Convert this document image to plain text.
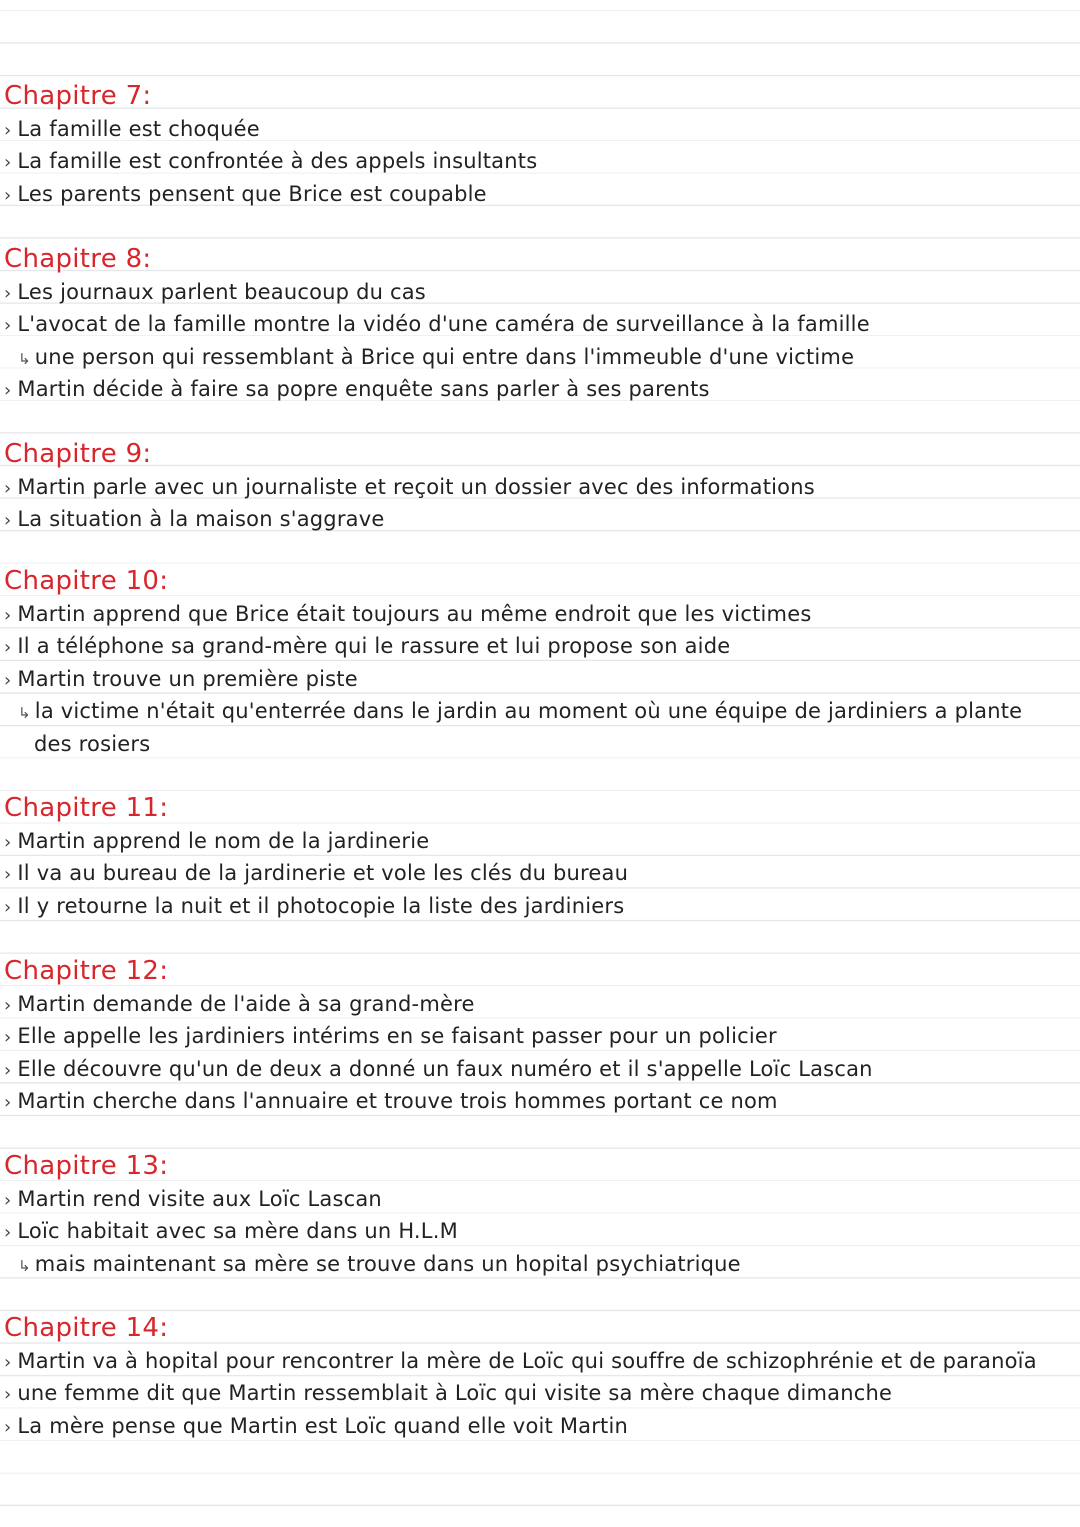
Chapitre 7:
› La famille est choquée
› La famille est confrontée à des appels insultants
› Les parents pensent que Brice est coupable
Chapitre 8:
› Les journaux parlent beaucoup du cas
› L'avocat de la famille montre la vidéo d'une caméra de surveillance à la famille
↳ une person qui ressemblant à Brice qui entre dans l'immeuble d'une victime
› Martin décide à faire sa popre enquête sans parler à ses parents
Chapitre 9:
› Martin parle avec un journaliste et reçoit un dossier avec des informations
› La situation à la maison s'aggrave
Chapitre 10:
› Martin apprend que Brice était toujours au même endroit que les victimes
› Il a téléphone sa grand-mère qui le rassure et lui propose son aide
› Martin trouve un première piste
↳ la victime n'était qu'enterrée dans le jardin au moment où une équipe de jardiniers a plante
des rosiers
Chapitre 11:
› Martin apprend le nom de la jardinerie
› Il va au bureau de la jardinerie et vole les clés du bureau
› Il y retourne la nuit et il photocopie la liste des jardiniers
Chapitre 12:
› Martin demande de l'aide à sa grand-mère
› Elle appelle les jardiniers intérims en se faisant passer pour un policier
› Elle découvre qu'un de deux a donné un faux numéro et il s'appelle Loïc Lascan
› Martin cherche dans l'annuaire et trouve trois hommes portant ce nom
Chapitre 13:
› Martin rend visite aux Loïc Lascan
› Loïc habitait avec sa mère dans un H.L.M
↳ mais maintenant sa mère se trouve dans un hopital psychiatrique
Chapitre 14:
› Martin va à hopital pour rencontrer la mère de Loïc qui souffre de schizophrénie et de paranoïa
› une femme dit que Martin ressemblait à Loïc qui visite sa mère chaque dimanche
› La mère pense que Martin est Loïc quand elle voit Martin
